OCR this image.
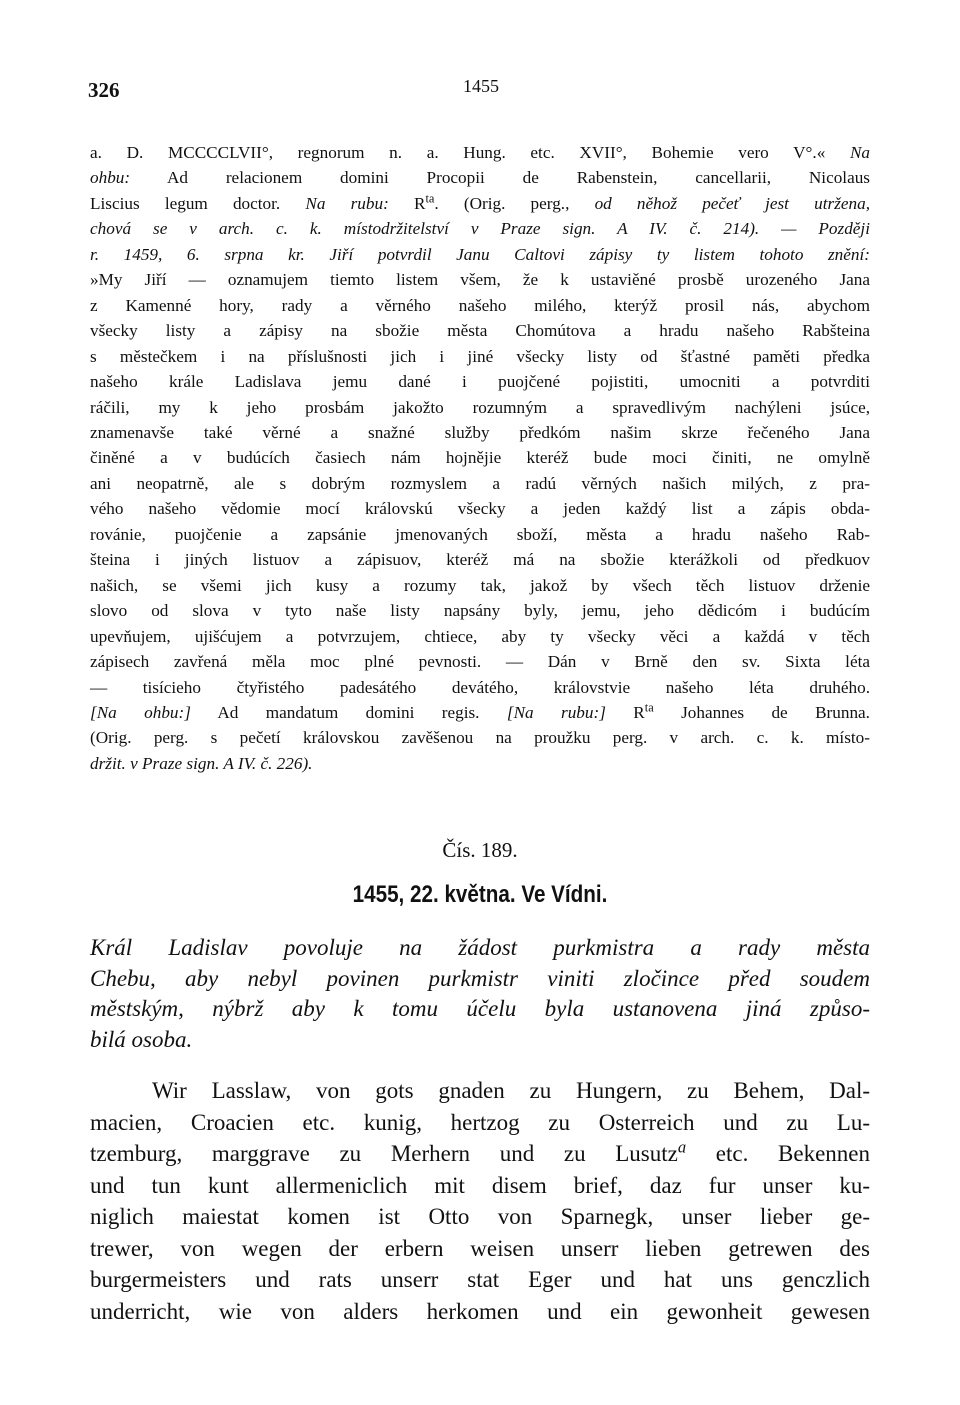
326	1455
a. D. MCCCCLVII°, regnorum n. a. Hung. etc. XVII°, Bohemie vero V°.« Na
ohbu: Ad relacionem domini Procopii de Rabenstein, cancellarii, Nicolaus
Liscius legum doctor. Na rubu: $R^{ta}$. (Orig. perg., od něhož pečeť jest utržena,
chová se v arch. c. k. místodržitelství v Praze sign. A IV. č. 214). — Později
r. 1459, 6. srpna kr. Jiří potvrdil Janu Caltovi zápisy ty listem tohoto znění:
»My Jiří — oznamujem tiemto listem všem, že k ustaviěné prosbě urozeného Jana
z Kamenné hory, rady a věrného našeho milého, kterýž prosil nás, abychom
všecky listy a zápisy na sbožie města Chomútova a hradu našeho Rabšteina
s městečkem i na příslušnosti jich i jiné všecky listy od šťastné paměti předka
našeho krále Ladislava jemu dané i puojčené pojistiti, umocniti a potvrditi
ráčili, my k jeho prosbám jakožto rozumným a spravedlivým nachýleni jsúce,
znamenavše také věrné a snažné služby předkóm našim skrze řečeného Jana
činěné a v budúcích časiech nám hojnějie kteréž bude moci činiti, ne omylně
ani neopatrně, ale s dobrým rozmyslem a radú věrných našich milých, z pra-
vého našeho vědomie mocí královskú všecky a jeden každý list a zápis obda-
rovánie, puojčenie a zapsánie jmenovaných sboží, města a hradu našeho Rab-
šteina i jiných listuov a zápisuov, kteréž má na sbožie kterážkoli od předkuov
našich, se všemi jich kusy a rozumy tak, jakož by všech těch listuov drženie
slovo od slova v tyto naše listy napsány byly, jemu, jeho dědicóm i budúcím
upevňujem, ujišćujem a potvrzujem, chtiece, aby ty všecky věci a každá v těch
zápisech zavřená měla moc plné pevnosti. — Dán v Brně den sv. Sixta léta
— tisícieho čtyřistého padesátého devátého, královstvie našeho léta druhého.
[Na ohbu:] Ad mandatum domini regis. [Na rubu:] $R^{ta}$ Johannes de Brunna.
(Orig. perg. s pečetí královskou zavěšenou na proužku perg. v arch. c. k. místo-
držit. v Praze sign. A IV. č. 226).
Čís. 189.
1455, 22. května. Ve Vídni.
Král Ladislav povoluje na žádost purkmistra a rady města
Chebu, aby nebyl povinen purkmistr viniti zločince před soudem
městským, nýbrž aby k tomu účelu byla ustanovena jiná způso-
bilá osoba.
Wir Lasslaw, von gots gnaden zu Hungern, zu Behem, Dal-
macien, Croacien etc. kunig, hertzog zu Osterreich und zu Lu-
tzemburg, marggrave zu Merhern und zu Lusutz$^a$ etc. Bekennen
und tun kunt allermeniclich mit disem brief, daz fur unser ku-
niglich maiestat komen ist Otto von Sparnegk, unser lieber ge-
trewer, von wegen der erbern weisen unserr lieben getrewen des
burgermeisters und rats unserr stat Eger und hat uns genczlich
underricht, wie von alders herkomen und ein gewonheit gewesen
